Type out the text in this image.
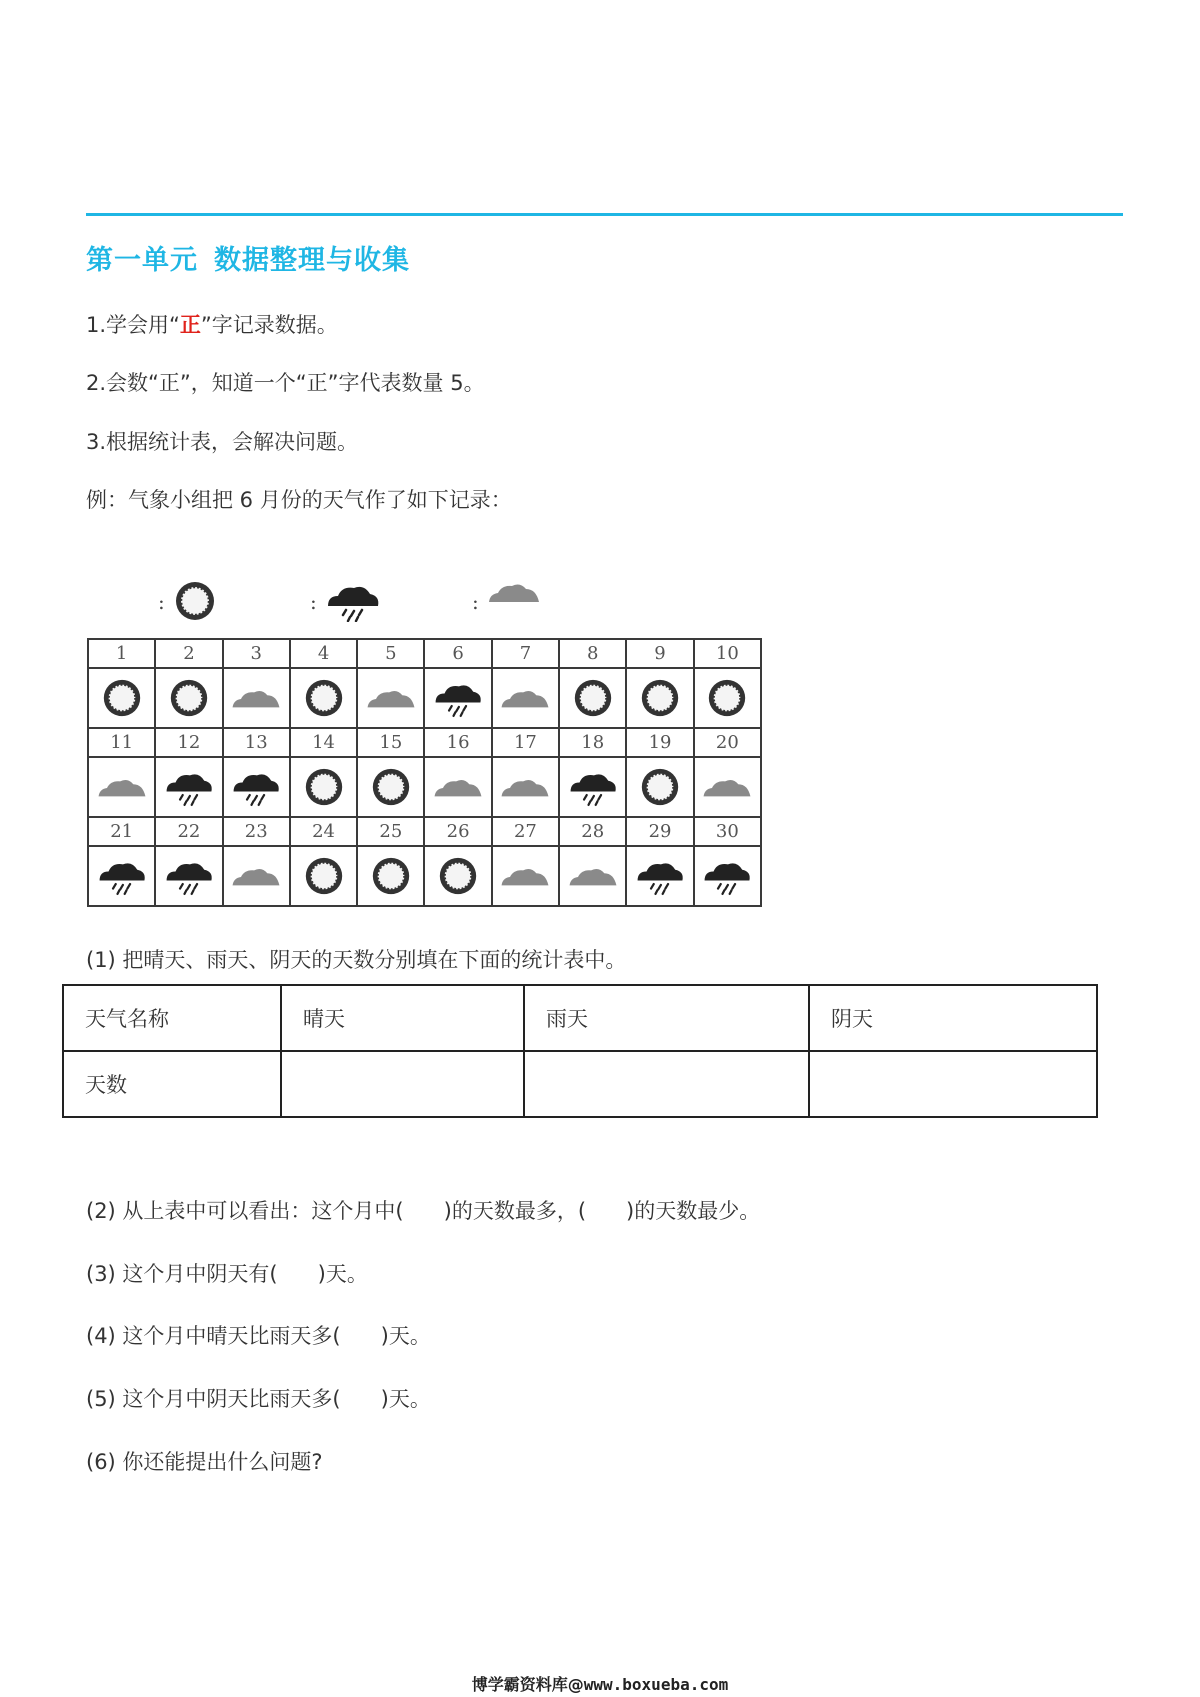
第一单元 数据整理与收集
1.学会用“正”字记录数据。
2.会数“正”，知道一个“正”字代表数量 5。
3.根据统计表，会解决问题。
例：气象小组把 6 月份的天气作了如下记录：
:	:	:
1	2	3	4	5	6	7	8	9	10

11	12	13	14	15	16	17	18	19	20

21	22	23	24	25	26	27	28	29	30

(1) 把晴天、雨天、阴天的天数分别填在下面的统计表中。
天气名称	晴天	雨天	阴天
天数			
(2) 从上表中可以看出：这个月中( )的天数最多，( )的天数最少。
(3) 这个月中阴天有( )天。
(4) 这个月中晴天比雨天多( )天。
(5) 这个月中阴天比雨天多( )天。
(6) 你还能提出什么问题?
博学霸资料库@www.boxueba.com
